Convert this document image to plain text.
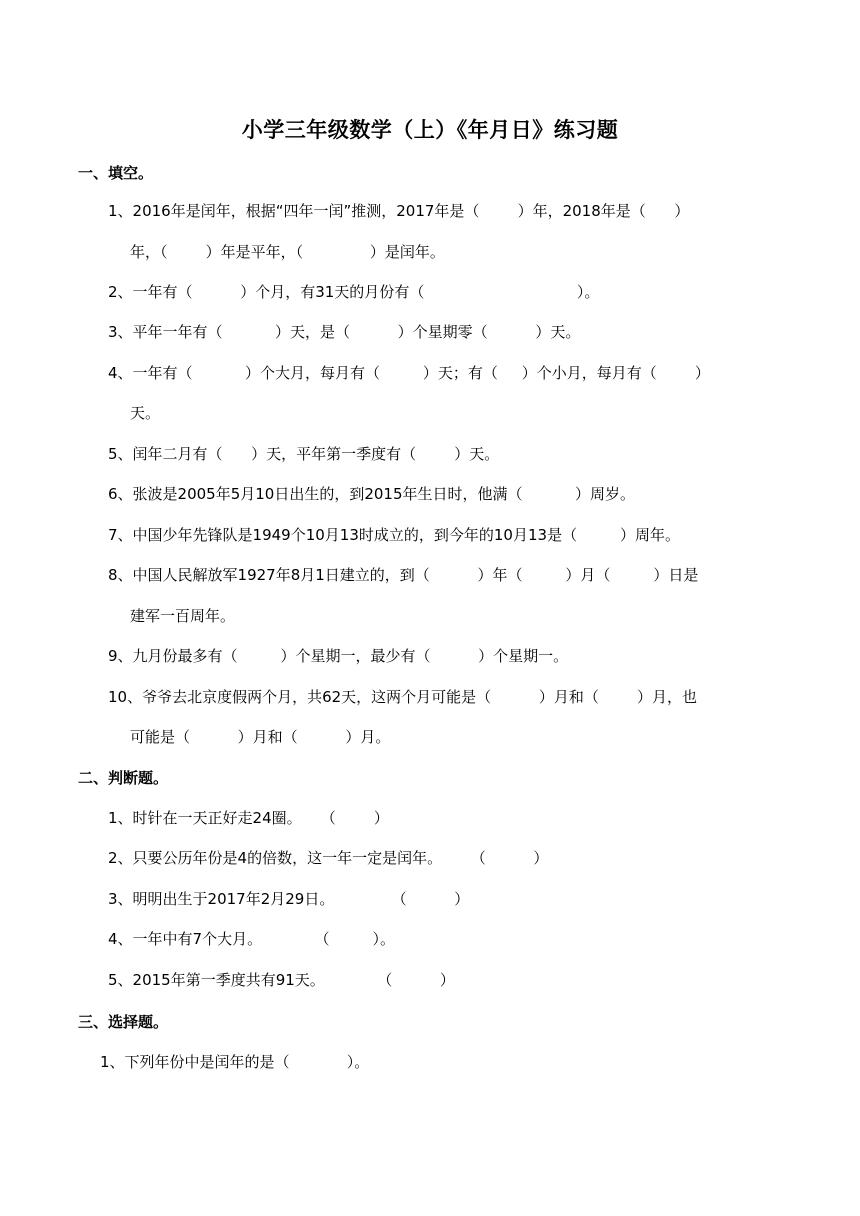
小学三年级数学（上）《年月日》练习题
一、填空。
1、2016年是闰年，根据“四年一闰”推测，2017年是（        ）年，2018年是（      ）
年，（        ）年是平年，（              ）是闰年。
2、一年有（          ）个月，有31天的月份有（                                ）。
3、平年一年有（           ）天，是（          ）个星期零（          ）天。
4、一年有（           ）个大月，每月有（         ）天；有（     ）个小月，每月有（        ）
天。
5、闰年二月有（      ）天，平年第一季度有（        ）天。
6、张波是2005年5月10日出生的，到2015年生日时，他满（           ）周岁。
7、中国少年先锋队是1949个10月13时成立的，到今年的10月13是（         ）周年。
8、中国人民解放军1927年8月1日建立的，到（          ）年（         ）月（         ）日是
建军一百周年。
9、九月份最多有（         ）个星期一，最少有（          ）个星期一。
10、爷爷去北京度假两个月，共62天，这两个月可能是（          ）月和（        ）月，也
可能是（          ）月和（          ）月。
二、判断题。
1、时针在一天正好走24圈。    （        ）
2、只要公历年份是4的倍数，这一年一定是闰年。      （          ）
3、明明出生于2017年2月29日。            （          ）
4、一年中有7个大月。           （         ）。
5、2015年第一季度共有91天。           （          ）
三、选择题。
1、下列年份中是闰年的是（            ）。
